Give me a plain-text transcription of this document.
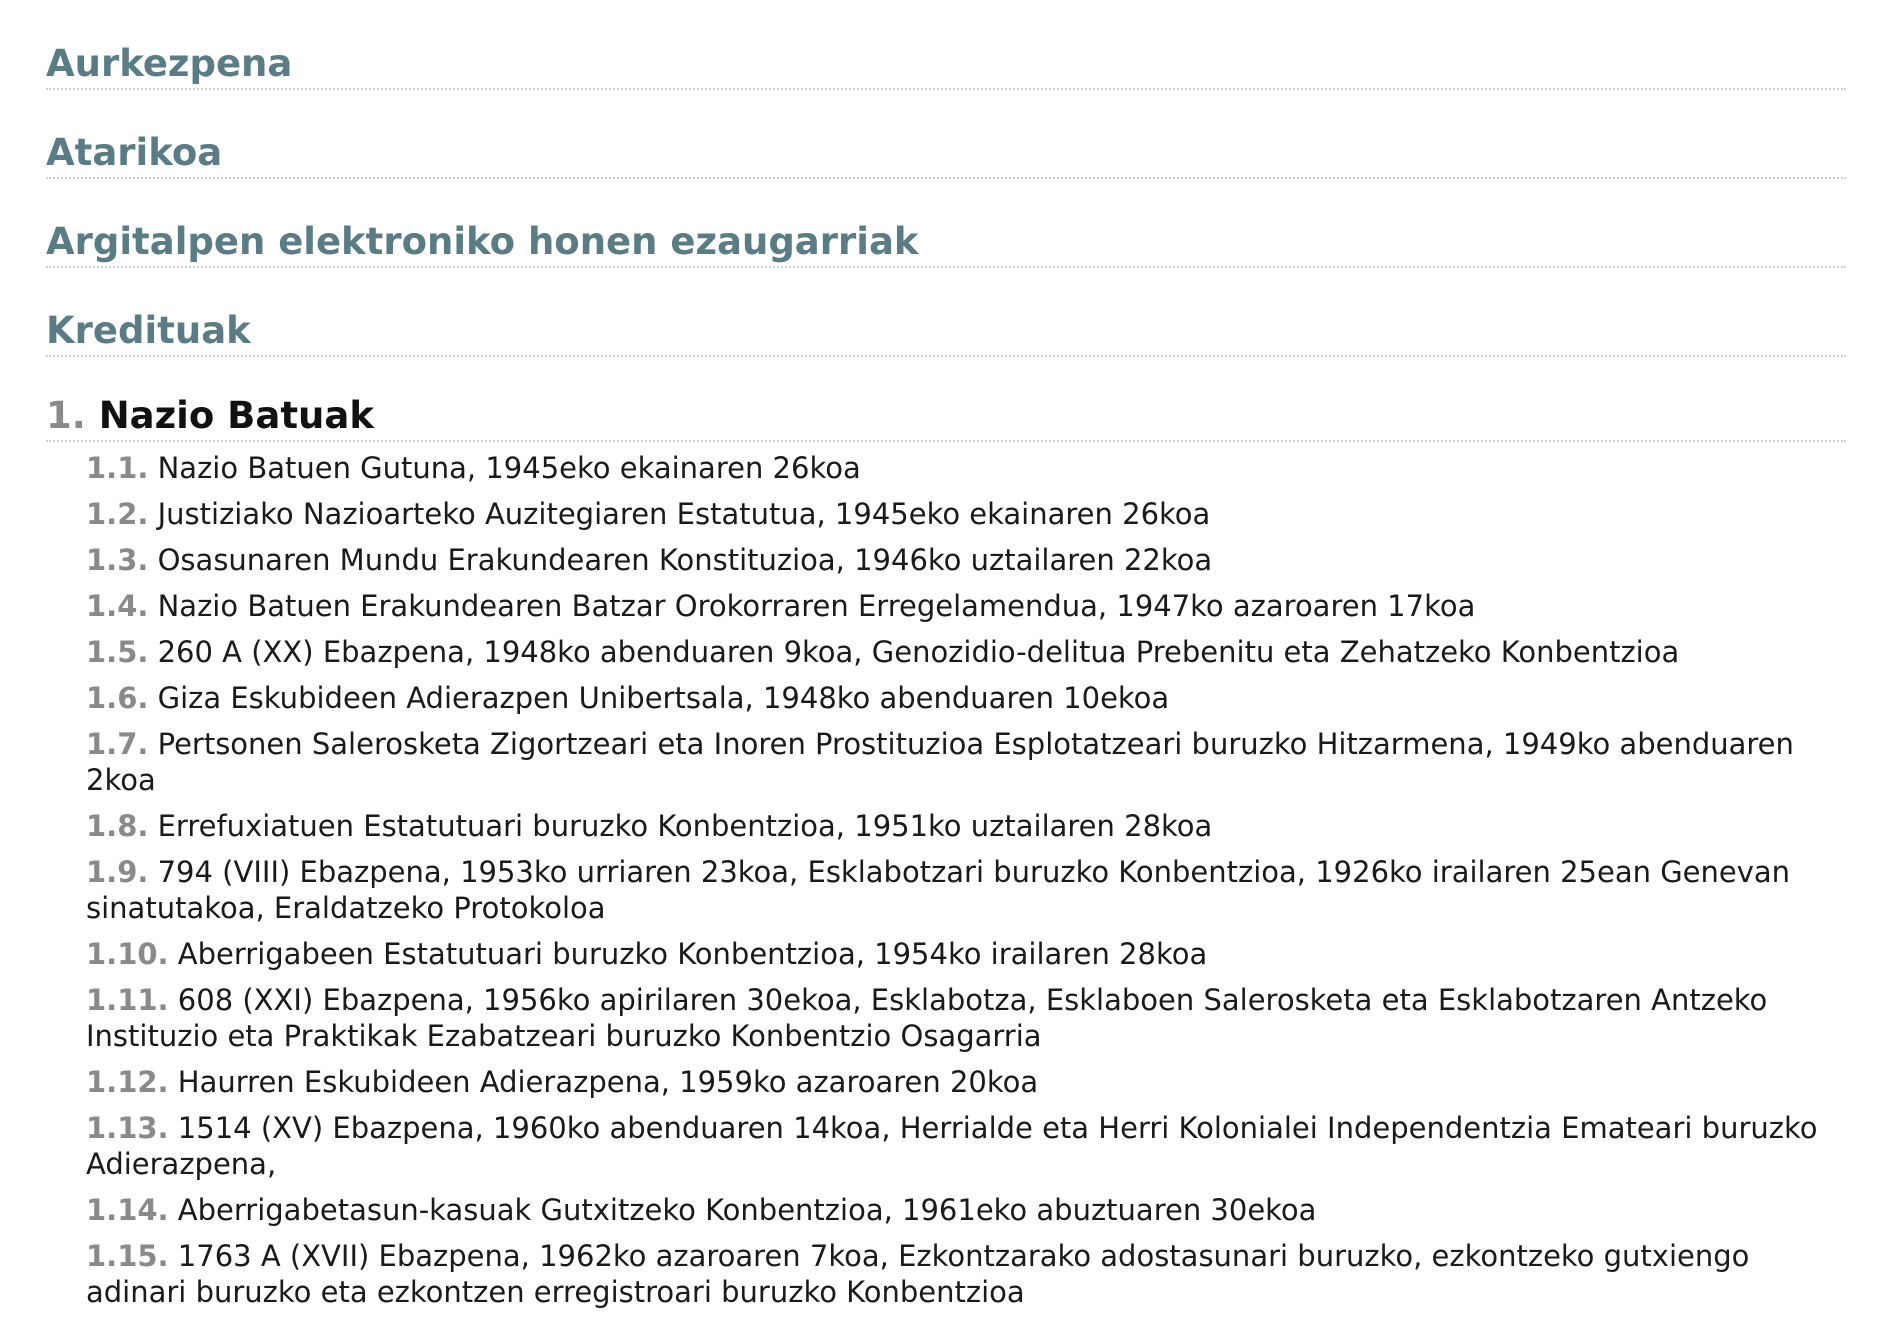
Aurkezpena
Atarikoa
Argitalpen elektroniko honen ezaugarriak
Kredituak
1. Nazio Batuak
1.1. Nazio Batuen Gutuna, 1945eko ekainaren 26koa
1.2. Justiziako Nazioarteko Auzitegiaren Estatutua, 1945eko ekainaren 26koa
1.3. Osasunaren Mundu Erakundearen Konstituzioa, 1946ko uztailaren 22koa
1.4. Nazio Batuen Erakundearen Batzar Orokorraren Erregelamendua, 1947ko azaroaren 17koa
1.5. 260 A (XX) Ebazpena, 1948ko abenduaren 9koa, Genozidio-delitua Prebenitu eta Zehatzeko Konbentzioa
1.6. Giza Eskubideen Adierazpen Unibertsala, 1948ko abenduaren 10ekoa
1.7. Pertsonen Salerosketa Zigortzeari eta Inoren Prostituzioa Esplotatzeari buruzko Hitzarmena, 1949ko abenduaren 2koa
1.8. Errefuxiatuen Estatutuari buruzko Konbentzioa, 1951ko uztailaren 28koa
1.9. 794 (VIII) Ebazpena, 1953ko urriaren 23koa, Esklabotzari buruzko Konbentzioa, 1926ko irailaren 25ean Genevan sinatutakoa, Eraldatzeko Protokoloa
1.10. Aberrigabeen Estatutuari buruzko Konbentzioa, 1954ko irailaren 28koa
1.11. 608 (XXI) Ebazpena, 1956ko apirilaren 30ekoa, Esklabotza, Esklaboen Salerosketa eta Esklabotzaren Antzeko Instituzio eta Praktikak Ezabatzeari buruzko Konbentzio Osagarria
1.12. Haurren Eskubideen Adierazpena, 1959ko azaroaren 20koa
1.13. 1514 (XV) Ebazpena, 1960ko abenduaren 14koa, Herrialde eta Herri Kolonialei Independentzia Emateari buruzko Adierazpena,
1.14. Aberrigabetasun-kasuak Gutxitzeko Konbentzioa, 1961eko abuztuaren 30ekoa
1.15. 1763 A (XVII) Ebazpena, 1962ko azaroaren 7koa, Ezkontzarako adostasunari buruzko, ezkontzeko gutxiengo adinari buruzko eta ezkontzen erregistroari buruzko Konbentzioa
